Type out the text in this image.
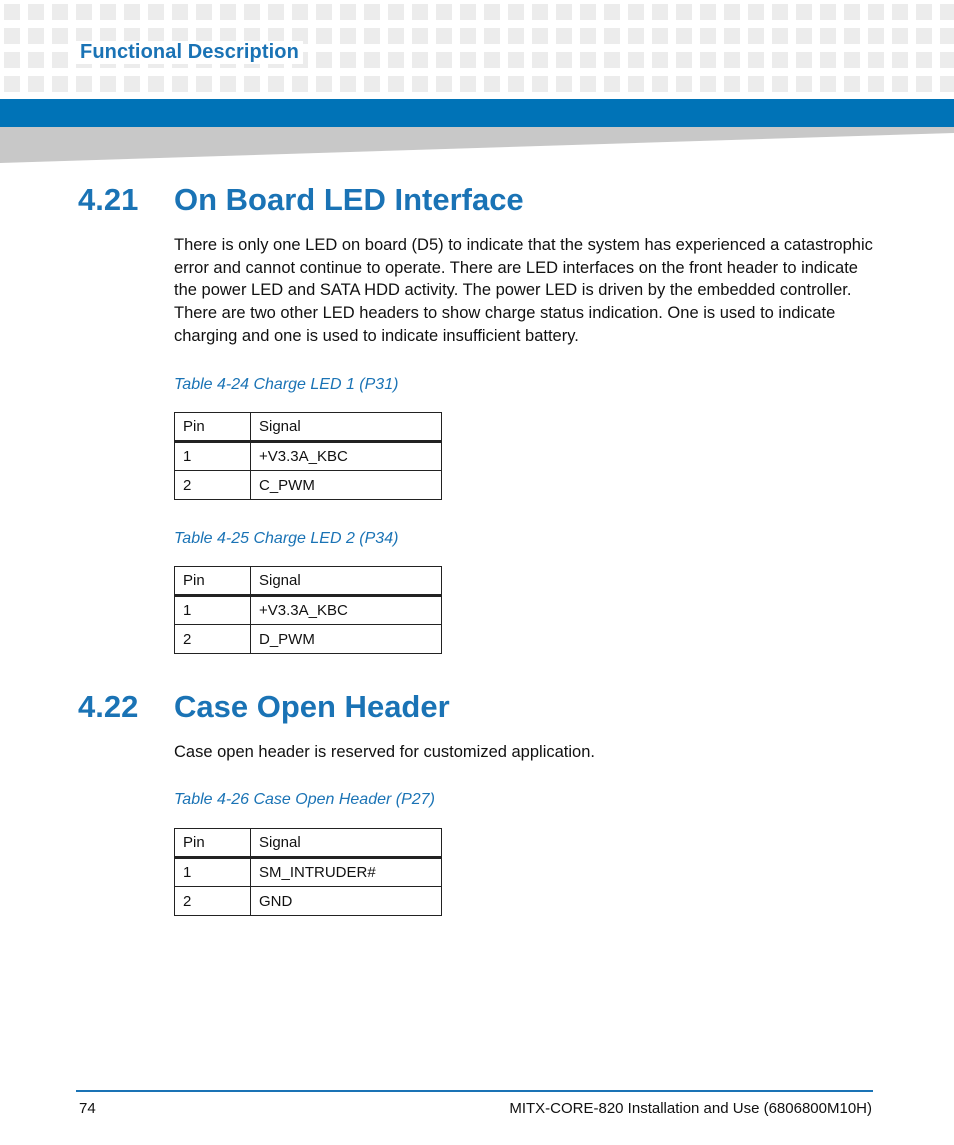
Functional Description
4.21 On Board LED Interface

There is only one LED on board (D5) to indicate that the system has experienced a catastrophic error and cannot continue to operate. There are LED interfaces on the front header to indicate the power LED and SATA HDD activity. The power LED is driven by the embedded controller. There are two other LED headers to show charge status indication. One is used to indicate charging and one is used to indicate insufficient battery.

Table 4-24 Charge LED 1 (P31)
Pin	Signal
1	+V3.3A_KBC
2	C_PWM
Table 4-25 Charge LED 2 (P34)
Pin	Signal
1	+V3.3A_KBC
2	D_PWM
4.22 Case Open Header

Case open header is reserved for customized application.

Table 4-26 Case Open Header (P27)
Pin	Signal
1	SM_INTRUDER#
2	GND
74	MITX-CORE-820 Installation and Use (6806800M10H)
